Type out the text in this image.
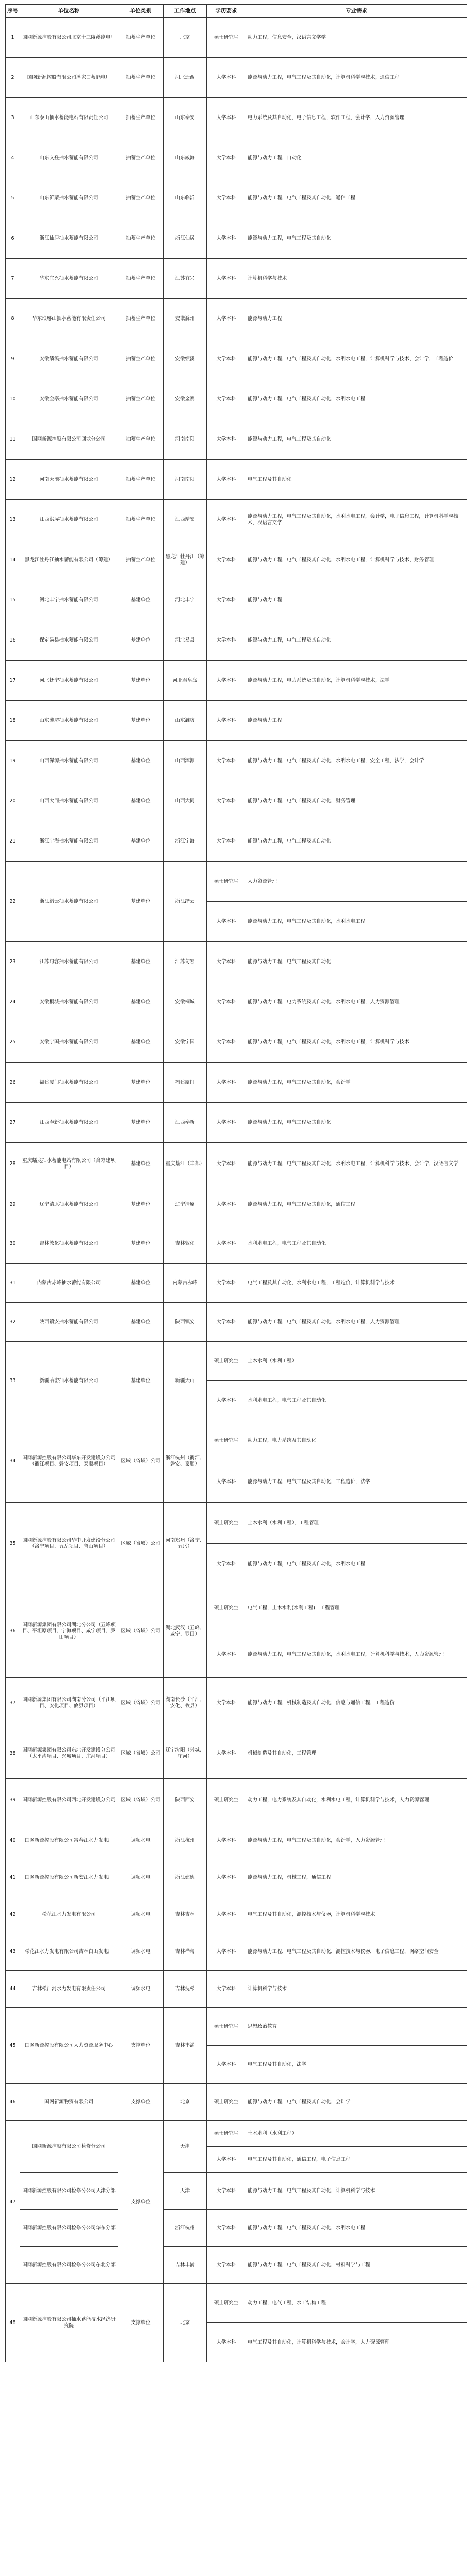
序号	单位名称	单位类别	工作地点	学历要求	专业需求
1	国网新源控股有限公司北京十三陵蓄能电厂	抽蓄生产单位	北京	硕士研究生	动力工程，信息安全，汉语言文学学
2	国网新源控股有限公司潘家口蓄能电厂	抽蓄生产单位	河北迁西	大学本科	能源与动力工程，电气工程及其自动化，计算机科学与技术，通信工程
3	山东泰山抽水蓄能电站有限责任公司	抽蓄生产单位	山东泰安	大学本科	电力系统及其自动化，电子信息工程，软件工程，会计学，人力资源管理
4	山东文登抽水蓄能有限公司	抽蓄生产单位	山东威海	大学本科	能源与动力工程，自动化
5	山东沂蒙抽水蓄能有限公司	抽蓄生产单位	山东临沂	大学本科	能源与动力工程，电气工程及其自动化，通信工程
6	浙江仙居抽水蓄能有限公司	抽蓄生产单位	浙江仙居	大学本科	能源与动力工程，电气工程及其自动化
7	华东宜兴抽水蓄能有限公司	抽蓄生产单位	江苏宜兴	大学本科	计算机科学与技术
8	华东琅琊山抽水蓄能有限责任公司	抽蓄生产单位	安徽滁州	大学本科	能源与动力工程
9	安徽绩溪抽水蓄能有限公司	抽蓄生产单位	安徽绩溪	大学本科	能源与动力工程，电气工程及其自动化，水利水电工程，计算机科学与技术，会计学，工程造价
10	安徽金寨抽水蓄能有限公司	抽蓄生产单位	安徽金寨	大学本科	能源与动力工程，电气工程及其自动化，水利水电工程
11	国网新源控股有限公司回龙分公司	抽蓄生产单位	河南南阳	大学本科	能源与动力工程，电气工程及其自动化
12	河南天池抽水蓄能有限公司	抽蓄生产单位	河南南阳	大学本科	电气工程及其自动化
13	江西洪屏抽水蓄能有限公司	抽蓄生产单位	江西靖安	大学本科	能源与动力工程，电气工程及其自动化，水利水电工程，会计学，电子信息工程，计算机科学与技术，汉语言文学
14	黑龙江牡丹江抽水蓄能有限公司（筹建）	抽蓄生产单位	黑龙江牡丹江（筹建）	大学本科	能源与动力工程，电气工程及其自动化，水利水电工程，计算机科学与技术，财务管理
15	河北丰宁抽水蓄能有限公司	基建单位	河北丰宁	大学本科	能源与动力工程
16	保定易县抽水蓄能有限公司	基建单位	河北易县	大学本科	能源与动力工程，电气工程及其自动化
17	河北抚宁抽水蓄能有限公司	基建单位	河北秦皇岛	大学本科	能源与动力工程，电力系统及其自动化，计算机科学与技术，法学
18	山东潍坊抽水蓄能有限公司	基建单位	山东潍坊	大学本科	能源与动力工程
19	山西浑源抽水蓄能有限公司	基建单位	山西浑源	大学本科	能源与动力工程，电气工程及其自动化，水利水电工程，安全工程，法学，会计学
20	山西大同抽水蓄能有限公司	基建单位	山西大同	大学本科	能源与动力工程，电气工程及其自动化，财务管理
21	浙江宁海抽水蓄能有限公司	基建单位	浙江宁海	大学本科	能源与动力工程，电气工程及其自动化
22	浙江缙云抽水蓄能有限公司	基建单位	浙江缙云	硕士研究生	人力资源管理
				大学本科	能源与动力工程，电气工程及其自动化，水利水电工程
23	江苏句容抽水蓄能有限公司	基建单位	江苏句容	大学本科	能源与动力工程，电气工程及其自动化
24	安徽桐城抽水蓄能有限公司	基建单位	安徽桐城	大学本科	能源与动力工程，电力系统及其自动化，水利水电工程，人力资源管理
25	安徽宁国抽水蓄能有限公司	基建单位	安徽宁国	大学本科	能源与动力工程，电气工程及其自动化，水利水电工程，计算机科学与技术
26	福建厦门抽水蓄能有限公司	基建单位	福建厦门	大学本科	能源与动力工程，电气工程及其自动化，会计学
27	江西奉新抽水蓄能有限公司	基建单位	江西奉新	大学本科	能源与动力工程，电气工程及其自动化
28	重庆蟠龙抽水蓄能电站有限公司（含筹建项目）	基建单位	重庆綦江（丰都）	大学本科	能源与动力工程，电气工程及其自动化，水利水电工程，计算机科学与技术，会计学，汉语言文学
29	辽宁清原抽水蓄能有限公司	基建单位	辽宁清原	大学本科	能源与动力工程，电气工程及其自动化，通信工程
30	吉林敦化抽水蓄能有限公司	基建单位	吉林敦化	大学本科	水利水电工程，电气工程及其自动化
31	内蒙古赤峰抽水蓄能有限公司	基建单位	内蒙古赤峰	大学本科	电气工程及其自动化，水利水电工程，工程造价，计算机科学与技术
32	陕西镇安抽水蓄能有限公司	基建单位	陕西镇安	大学本科	能源与动力工程，电气工程及其自动化，水利水电工程，人力资源管理
33	新疆哈密抽水蓄能有限公司	基建单位	新疆天山	硕士研究生	土木水利（水利工程）
				大学本科	水利水电工程，电气工程及其自动化
34	国网新源控股有限公司华东开发建设分公司（衢江项目、磐安项目、泰顺项目）	区域（省域）公司	浙江杭州（衢江、磐安、泰顺）	硕士研究生	动力工程，电力系统及其自动化
				大学本科	能源与动力工程，电气工程及其自动化，工程造价，法学
35	国网新源控股有限公司华中开发建设分公司（洛宁项目、五岳项目、鲁山项目）	区域（省域）公司	河南郑州（洛宁、五岳）	硕士研究生	土木水利（水利工程），工程管理
				大学本科	能源与动力工程，电气工程及其自动化，水利水电工程
36	国网新源集团有限公司湖北分公司（五峰项目、平坦原项目、宁海项目、咸宁项目、罗田项目）	区域（省域）公司	湖北武汉（五峰、咸宁、罗田）	硕士研究生	电气工程，土木水利(水利工程)，工程管理
				大学本科	能源与动力工程，电气工程及其自动化，水利水电工程，计算机科学与技术，人力资源管理
37	国网新源集团有限公司湖南分公司（平江项目、安化项目、攸县项目）	区域（省域）公司	湖南长沙（平江、安化、攸县）	大学本科	能源与动力工程，机械制造及其自动化，信息与通信工程，工程造价
38	国网新源集团有限公司东北开发建设分公司（太平湾项目、兴城项目、庄河项目）	区域（省域）公司	辽宁沈阳（兴城、庄河）	大学本科	机械制造及其自动化，工程管理
39	国网新源控股有限公司西北开发建设分公司	区域（省域）公司	陕西西安	硕士研究生	动力工程，电力系统及其自动化，水利水电工程，计算机科学与技术，人力资源管理
40	国网新源控股有限公司富春江水力发电厂	调频水电	浙江杭州	大学本科	能源与动力工程，电气工程及其自动化，会计学，人力资源管理
41	国网新源控股有限公司新安江水力发电厂	调频水电	浙江建德	大学本科	能源与动力工程，机械工程，通信工程
42	松花江水力发电有限公司	调频水电	吉林吉林	大学本科	电气工程及其自动化，测控技术与仪器，计算机科学与技术
43	松花江水力发电有限公司吉林白山发电厂	调频水电	吉林桦甸	大学本科	能源与动力工程，电气工程及其自动化，测控技术与仪器，电子信息工程，网络空间安全
44	吉林松江河水力发电有限责任公司	调频水电	吉林抚松	大学本科	计算机科学与技术
45	国网新源控股有限公司人力资源服务中心	支撑单位	吉林丰满	硕士研究生	思想政治教育
				大学本科	电气工程及其自动化，法学
46	国网新源物资有限公司	支撑单位	北京	硕士研究生	能源与动力工程，电气工程及其自动化，会计学
47	国网新源控股有限公司检修分公司	支撑单位	天津	硕士研究生	土木水利（水利工程）
				大学本科	电气工程及其自动化，通信工程，电子信息工程
	国网新源控股有限公司检修分公司天津分部		天津	大学本科	能源与动力工程，电气工程及其自动化，计算机科学与技术
	国网新源控股有限公司检修分公司华东分部		浙江杭州	大学本科	能源与动力工程，电气工程及其自动化，水利水电工程
	国网新源控股有限公司检修分公司东北分部		吉林丰满	大学本科	能源与动力工程，电气工程及其自动化，材料科学与工程
48	国网新源控股有限公司抽水蓄能技术经济研究院	支撑单位	北京	硕士研究生	动力工程，电气工程，水工结构工程
				大学本科	电气工程及其自动化，计算机科学与技术，会计学，人力资源管理
